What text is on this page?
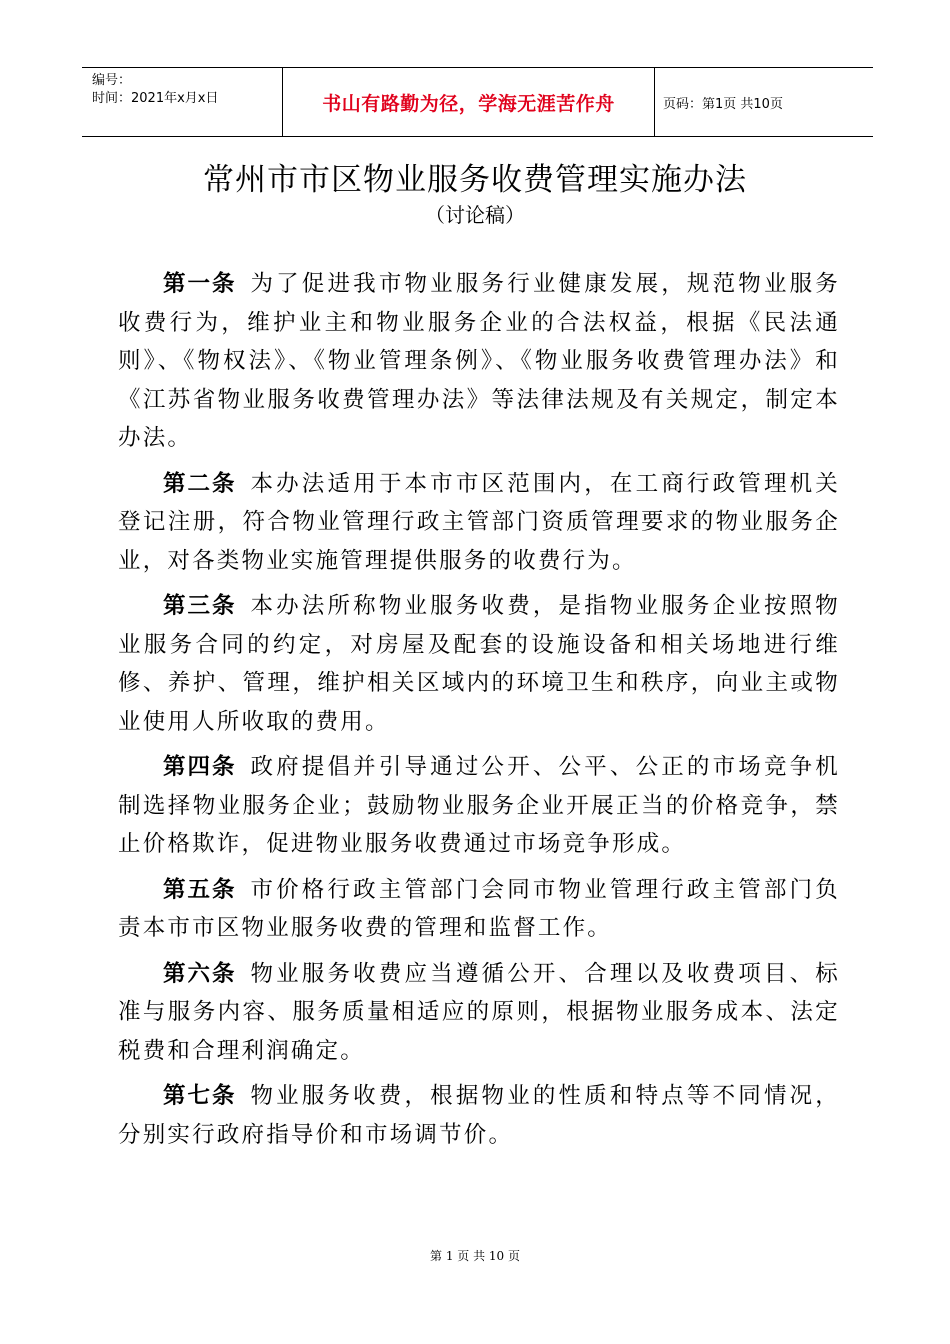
编号：
时间：2021年x月x日	书山有路勤为径，学海无涯苦作舟	页码：第1页 共10页
常州市市区物业服务收费管理实施办法
（讨论稿）

第一条 为了促进我市物业服务行业健康发展，规范物业服务收费行为，维护业主和物业服务企业的合法权益，根据《民法通则》、《物权法》、《物业管理条例》、《物业服务收费管理办法》和《江苏省物业服务收费管理办法》等法律法规及有关规定，制定本办法。

第二条 本办法适用于本市市区范围内，在工商行政管理机关登记注册，符合物业管理行政主管部门资质管理要求的物业服务企业，对各类物业实施管理提供服务的收费行为。

第三条 本办法所称物业服务收费，是指物业服务企业按照物业服务合同的约定，对房屋及配套的设施设备和相关场地进行维修、养护、管理，维护相关区域内的环境卫生和秩序，向业主或物业使用人所收取的费用。

第四条 政府提倡并引导通过公开、公平、公正的市场竞争机制选择物业服务企业；鼓励物业服务企业开展正当的价格竞争，禁止价格欺诈，促进物业服务收费通过市场竞争形成。

第五条 市价格行政主管部门会同市物业管理行政主管部门负责本市市区物业服务收费的管理和监督工作。

第六条 物业服务收费应当遵循公开、合理以及收费项目、标准与服务内容、服务质量相适应的原则，根据物业服务成本、法定税费和合理利润确定。

第七条 物业服务收费，根据物业的性质和特点等不同情况，分别实行政府指导价和市场调节价。

第 1 页 共 10 页
